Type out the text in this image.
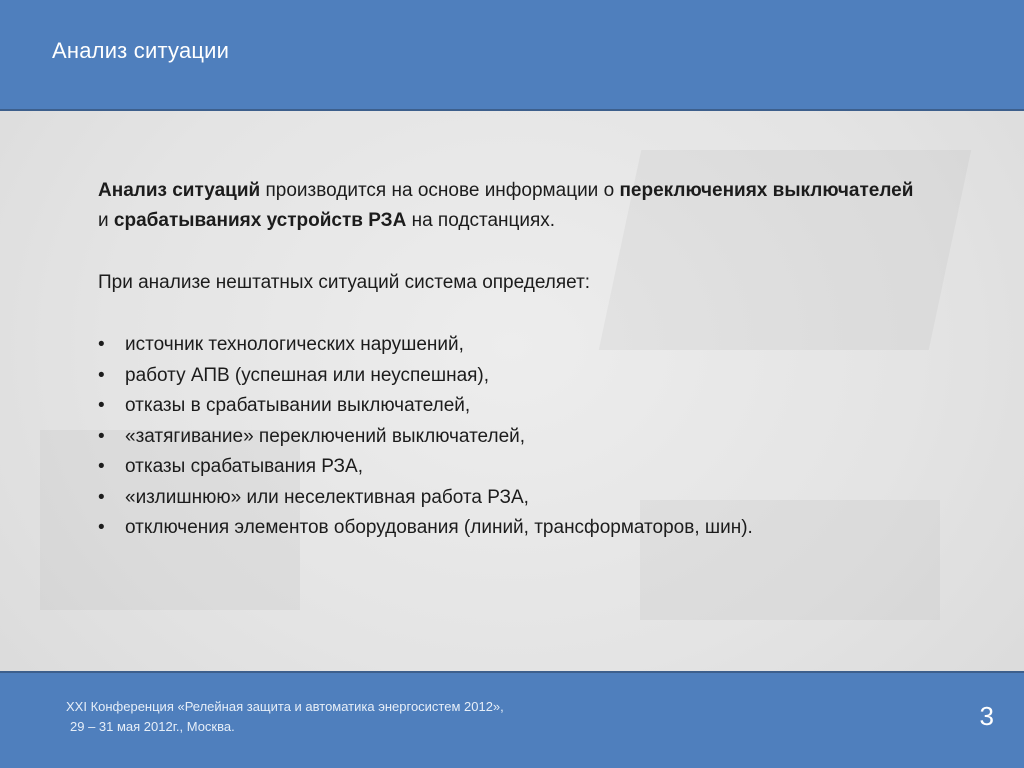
Анализ ситуации

Анализ ситуаций производится на основе информации о переключениях выключателей и срабатываниях устройств РЗА на подстанциях.

При анализе нештатных ситуаций система определяет:

• источник технологических нарушений,
• работу АПВ (успешная или неуспешная),
• отказы в срабатывании выключателей,
• «затягивание» переключений выключателей,
• отказы срабатывания РЗА,
• «излишнюю» или неселективная работа РЗА,
• отключения элементов оборудования (линий, трансформаторов, шин).
XXI Конференция «Релейная защита и автоматика энергосистем 2012»,
29 – 31 мая 2012г., Москва.	3
